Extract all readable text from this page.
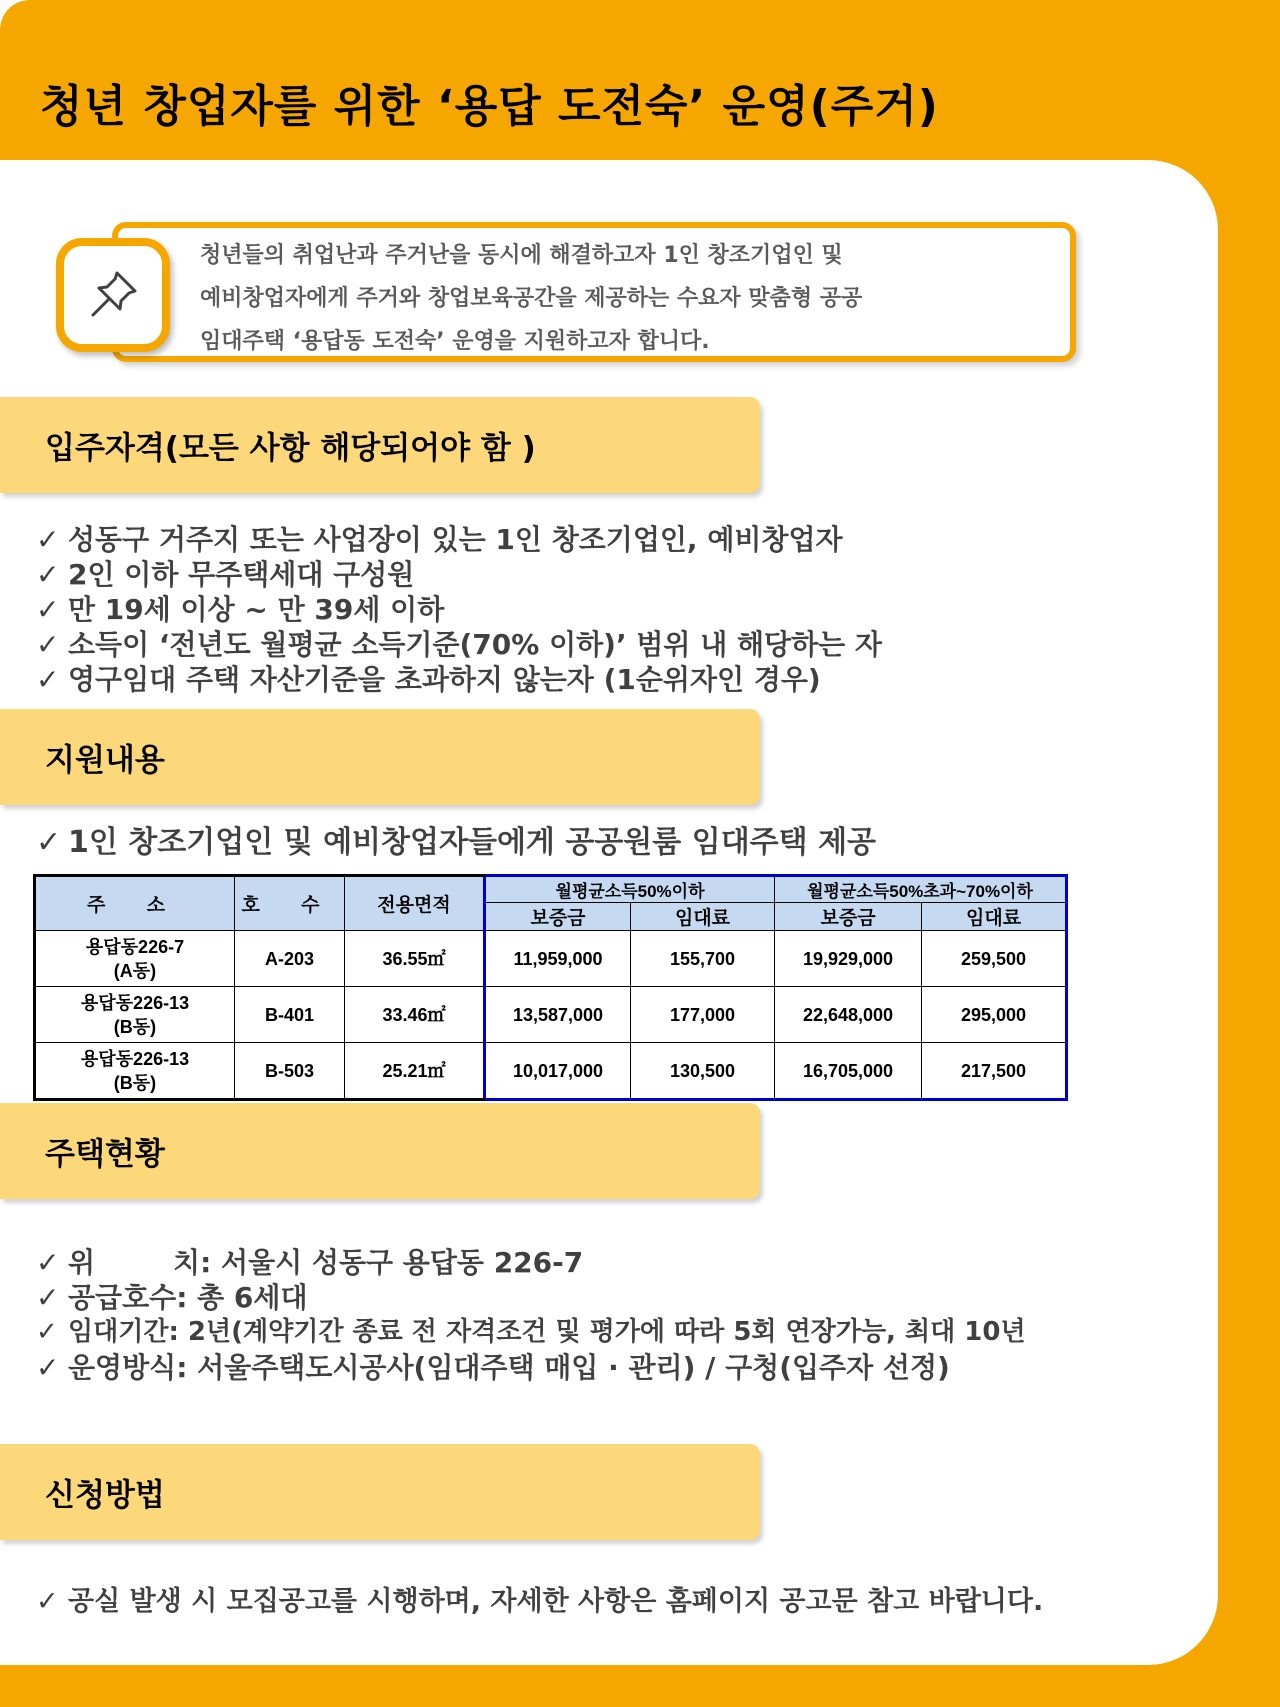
청년 창업자를 위한 ‘용답 도전숙’ 운영(주거)
청년들의 취업난과 주거난을 동시에 해결하고자 1인 창조기업인 및
예비창업자에게 주거와 창업보육공간을 제공하는 수요자 맞춤형 공공
임대주택 ‘용답동 도전숙’ 운영을 지원하고자 합니다.
입주자격(모든 사항 해당되어야 함 )
✓ 성동구 거주지 또는 사업장이 있는 1인 창조기업인, 예비창업자
✓ 2인 이하 무주택세대 구성원
✓ 만 19세 이상 ~ 만 39세 이하
✓ 소득이 ‘전년도 월평균 소득기준(70% 이하)’ 범위 내 해당하는 자
✓ 영구임대 주택 자산기준을 초과하지 않는자 (1순위자인 경우)
지원내용
✓ 1인 창조기업인 및 예비창업자들에게 공공원룸 임대주택 제공
주 소	호 수	전용면적	월평균소득50%이하		월평균소득50%초과~70%이하	
			보증금	임대료	보증금	임대료

용답동226-7
(A동)	A-203	36.55㎡	11,959,000	155,700	19,929,000	259,500

용답동226-13
(B동)	B-401	33.46㎡	13,587,000	177,000	22,648,000	295,000

용답동226-13
(B동)	B-503	25.21㎡	10,017,000	130,500	16,705,000	217,500
주택현황
✓ 위        치: 서울시 성동구 용답동 226-7
✓ 공급호수: 총 6세대
✓ 임대기간: 2년(계약기간 종료 전 자격조건 및 평가에 따라 5회 연장가능, 최대 10년
✓ 운영방식: 서울주택도시공사(임대주택 매입 · 관리) / 구청(입주자 선정)
신청방법
✓ 공실 발생 시 모집공고를 시행하며, 자세한 사항은 홈페이지 공고문 참고 바랍니다.
